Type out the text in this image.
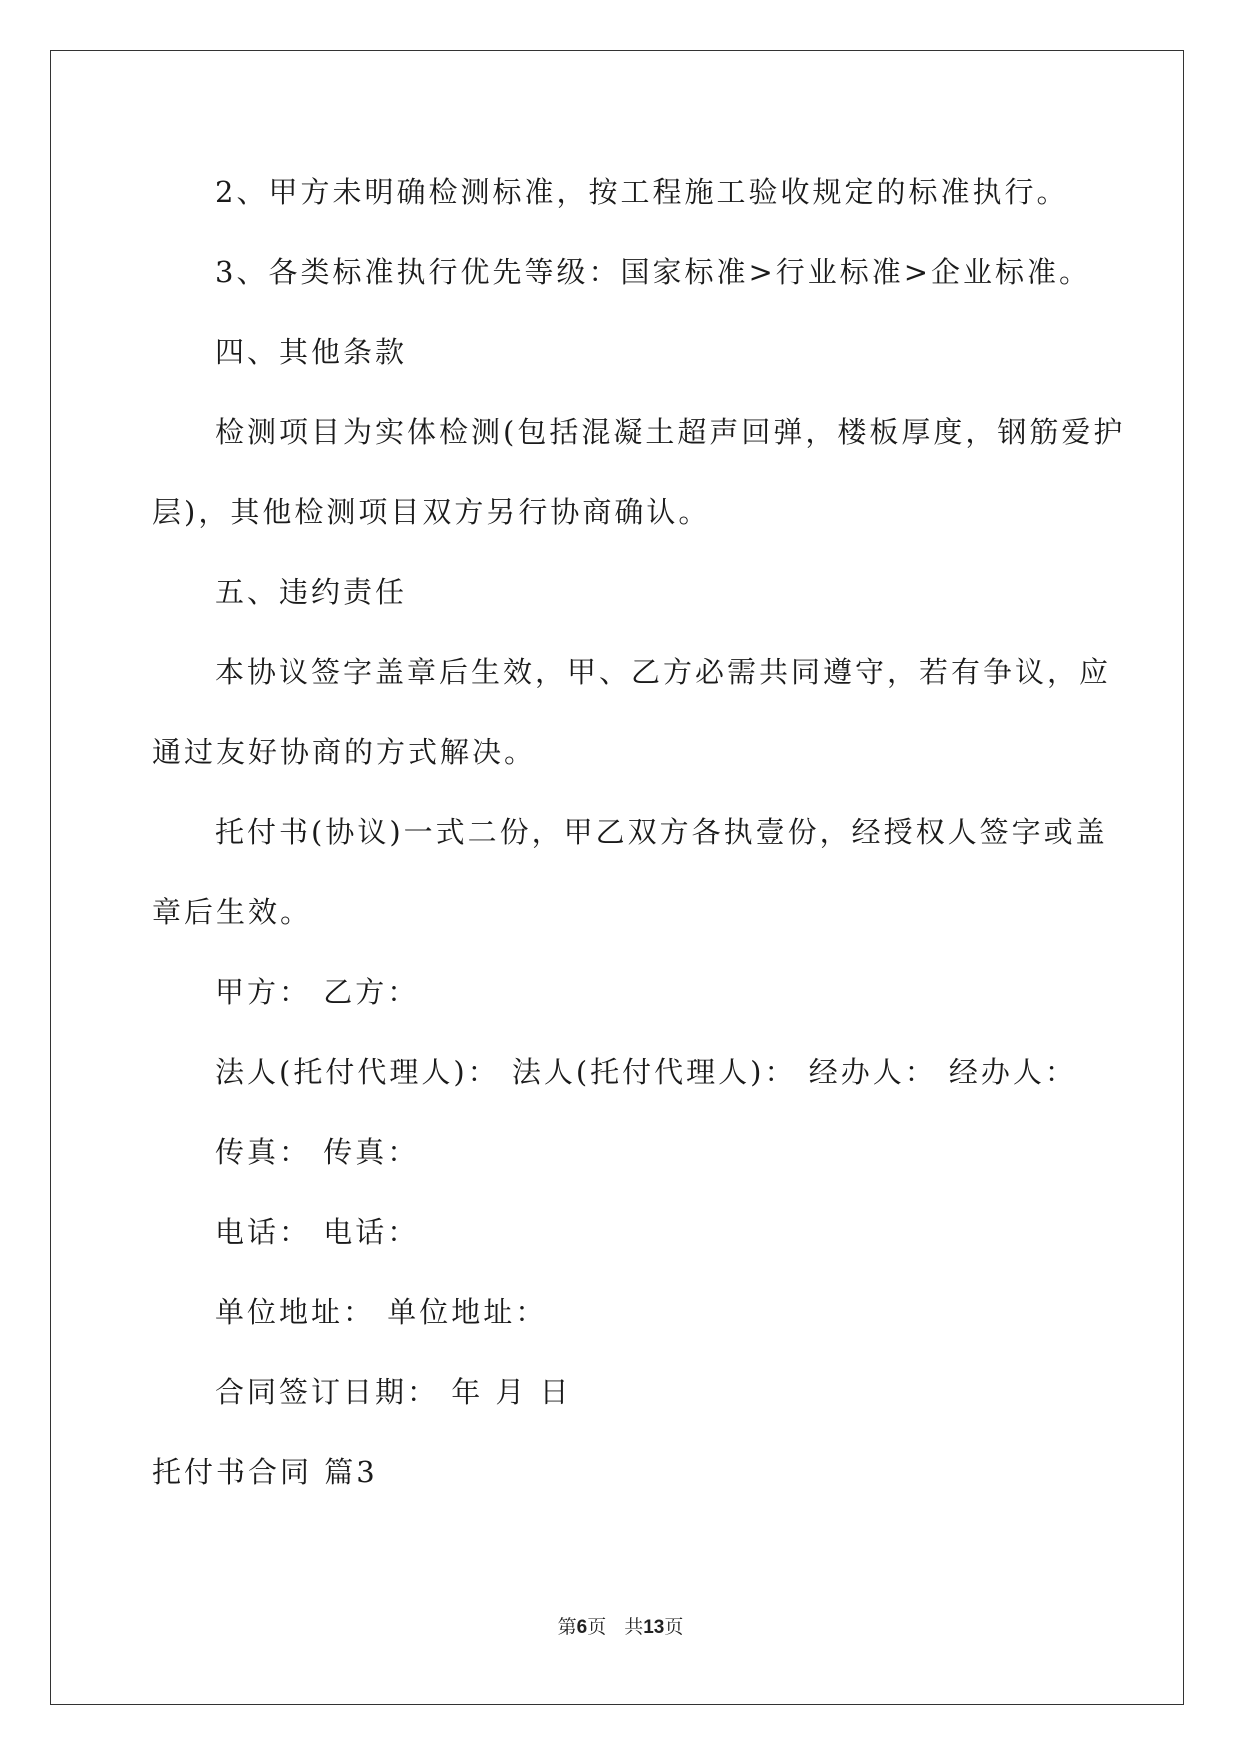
2、甲方未明确检测标准，按工程施工验收规定的标准执行。
3、各类标准执行优先等级：国家标准>行业标准>企业标准。
四、其他条款
检测项目为实体检测(包括混凝土超声回弹，楼板厚度，钢筋爱护
层)，其他检测项目双方另行协商确认。
五、违约责任
本协议签字盖章后生效，甲、乙方必需共同遵守，若有争议，应
通过友好协商的方式解决。
托付书(协议)一式二份，甲乙双方各执壹份，经授权人签字或盖
章后生效。
甲方： 乙方：
法人(托付代理人)： 法人(托付代理人)： 经办人： 经办人：
传真： 传真：
电话： 电话：
单位地址： 单位地址：
合同签订日期： 年 月 日
托付书合同 篇3
第6页 共13页
